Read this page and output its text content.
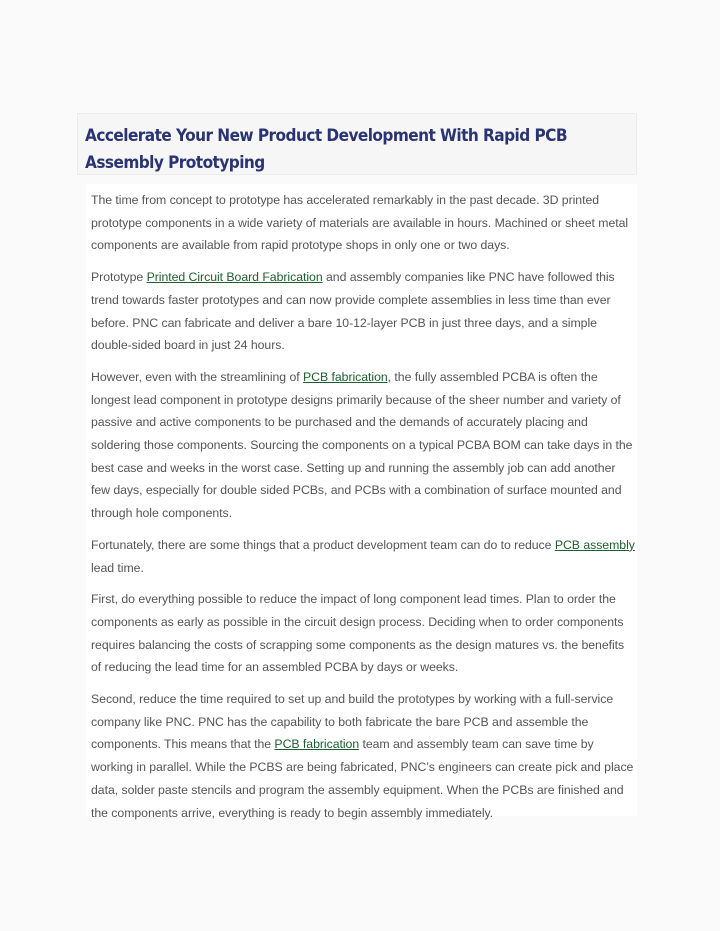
Accelerate Your New Product Development With Rapid PCB Assembly Prototyping

The time from concept to prototype has accelerated remarkably in the past decade. 3D printed prototype components in a wide variety of materials are available in hours. Machined or sheet metal components are available from rapid prototype shops in only one or two days.

Prototype Printed Circuit Board Fabrication and assembly companies like PNC have followed this trend towards faster prototypes and can now provide complete assemblies in less time than ever before. PNC can fabricate and deliver a bare 10-12-layer PCB in just three days, and a simple double-sided board in just 24 hours.

However, even with the streamlining of PCB fabrication, the fully assembled PCBA is often the longest lead component in prototype designs primarily because of the sheer number and variety of passive and active components to be purchased and the demands of accurately placing and soldering those components. Sourcing the components on a typical PCBA BOM can take days in the best case and weeks in the worst case. Setting up and running the assembly job can add another few days, especially for double sided PCBs, and PCBs with a combination of surface mounted and through hole components.

Fortunately, there are some things that a product development team can do to reduce PCB assembly lead time.

First, do everything possible to reduce the impact of long component lead times. Plan to order the components as early as possible in the circuit design process. Deciding when to order components requires balancing the costs of scrapping some components as the design matures vs. the benefits of reducing the lead time for an assembled PCBA by days or weeks.

Second, reduce the time required to set up and build the prototypes by working with a full-service company like PNC. PNC has the capability to both fabricate the bare PCB and assemble the components. This means that the PCB fabrication team and assembly team can save time by working in parallel. While the PCBS are being fabricated, PNC’s engineers can create pick and place data, solder paste stencils and program the assembly equipment. When the PCBs are finished and the components arrive, everything is ready to begin assembly immediately.
